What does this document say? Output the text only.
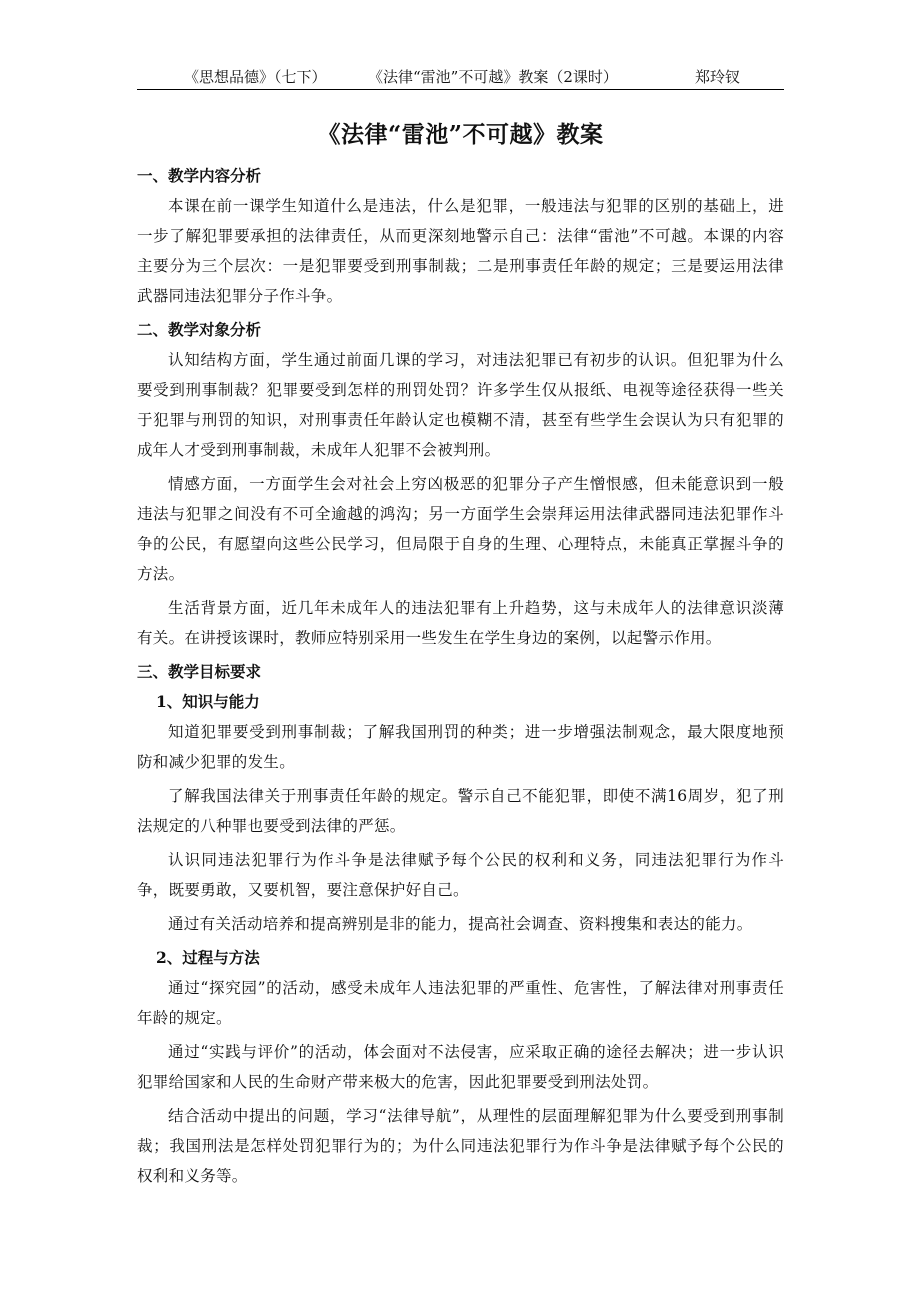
《思想品德》（七下）	《法律“雷池”不可越》教案（2课时）	郑玲钗
《法律“雷池”不可越》教案
一、教学内容分析

本课在前一课学生知道什么是违法，什么是犯罪，一般违法与犯罪的区别的基础上，进一步了解犯罪要承担的法律责任，从而更深刻地警示自己：法律“雷池”不可越。本课的内容主要分为三个层次：一是犯罪要受到刑事制裁；二是刑事责任年龄的规定；三是要运用法律武器同违法犯罪分子作斗争。

二、教学对象分析

认知结构方面，学生通过前面几课的学习，对违法犯罪已有初步的认识。但犯罪为什么要受到刑事制裁？犯罪要受到怎样的刑罚处罚？许多学生仅从报纸、电视等途径获得一些关于犯罪与刑罚的知识，对刑事责任年龄认定也模糊不清，甚至有些学生会误认为只有犯罪的成年人才受到刑事制裁，未成年人犯罪不会被判刑。

情感方面，一方面学生会对社会上穷凶极恶的犯罪分子产生憎恨感，但未能意识到一般违法与犯罪之间没有不可全逾越的鸿沟；另一方面学生会崇拜运用法律武器同违法犯罪作斗争的公民，有愿望向这些公民学习，但局限于自身的生理、心理特点，未能真正掌握斗争的方法。

生活背景方面，近几年未成年人的违法犯罪有上升趋势，这与未成年人的法律意识淡薄有关。在讲授该课时，教师应特别采用一些发生在学生身边的案例，以起警示作用。

三、教学目标要求
1、知识与能力

知道犯罪要受到刑事制裁；了解我国刑罚的种类；进一步增强法制观念，最大限度地预防和减少犯罪的发生。

了解我国法律关于刑事责任年龄的规定。警示自己不能犯罪，即使不满16周岁，犯了刑法规定的八种罪也要受到法律的严惩。

认识同违法犯罪行为作斗争是法律赋予每个公民的权利和义务，同违法犯罪行为作斗争，既要勇敢，又要机智，要注意保护好自己。

通过有关活动培养和提高辨别是非的能力，提高社会调查、资料搜集和表达的能力。

2、过程与方法

通过“探究园”的活动，感受未成年人违法犯罪的严重性、危害性，了解法律对刑事责任年龄的规定。

通过“实践与评价”的活动，体会面对不法侵害，应采取正确的途径去解决；进一步认识犯罪给国家和人民的生命财产带来极大的危害，因此犯罪要受到刑法处罚。

结合活动中提出的问题，学习“法律导航”，从理性的层面理解犯罪为什么要受到刑事制裁；我国刑法是怎样处罚犯罪行为的；为什么同违法犯罪行为作斗争是法律赋予每个公民的权利和义务等。
